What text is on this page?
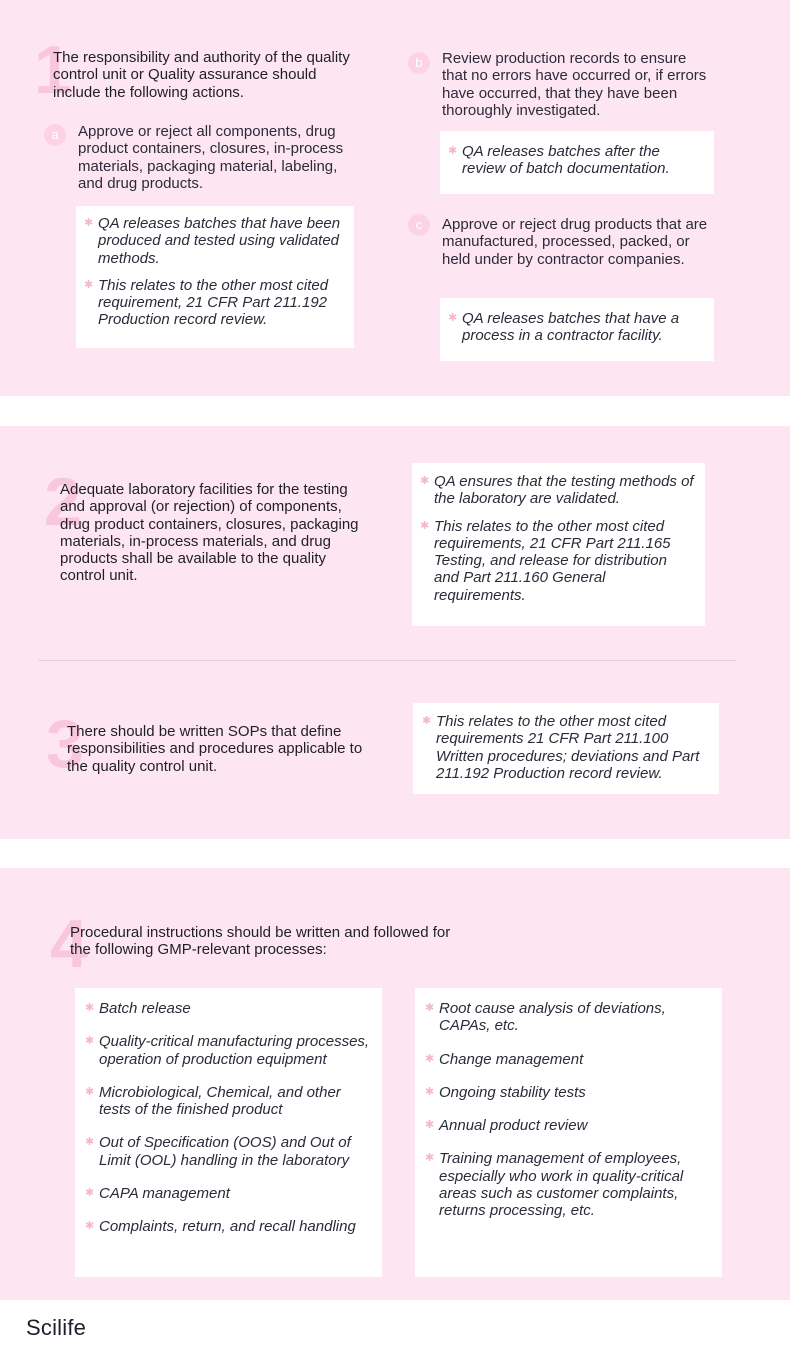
1
The responsibility and authority of the quality control unit or Quality assurance should include the following actions.
a	Approve or reject all components, drug product containers, closures, in-process materials, packaging material, labeling, and drug products.
✱ QA releases batches that have been produced and tested using validated methods.
✱ This relates to the other most cited requirement, 21 CFR Part 211.192 Production record review.
b	Review production records to ensure that no errors have occurred or, if errors have occurred, that they have been thoroughly investigated.
✱ QA releases batches after the review of batch documentation.
c	Approve or reject drug products that are manufactured, processed, packed, or held under by contractor companies.
✱ QA releases batches that have a process in a contractor facility.
2
Adequate laboratory facilities for the testing and approval (or rejection) of components, drug product containers, closures, packaging materials, in-process materials, and drug products shall be available to the quality control unit.
✱ QA ensures that the testing methods of the laboratory are validated.
✱ This relates to the other most cited requirements, 21 CFR Part 211.165 Testing, and release for distribution and Part 211.160 General requirements.
3
There should be written SOPs that define responsibilities and procedures applicable to the quality control unit.
✱ This relates to the other most cited requirements 21 CFR Part 211.100 Written procedures; deviations and Part 211.192 Production record review.
4
Procedural instructions should be written and followed for the following GMP-relevant processes:
✱ Batch release
✱ Quality-critical manufacturing processes, operation of production equipment
✱ Microbiological, Chemical, and other tests of the finished product
✱ Out of Specification (OOS) and Out of Limit (OOL) handling in the laboratory
✱ CAPA management
✱ Complaints, return, and recall handling
✱ Root cause analysis of deviations, CAPAs, etc.
✱ Change management
✱ Ongoing stability tests
✱ Annual product review
✱ Training management of employees, especially who work in quality-critical areas such as customer complaints, returns processing, etc.
Scilife
